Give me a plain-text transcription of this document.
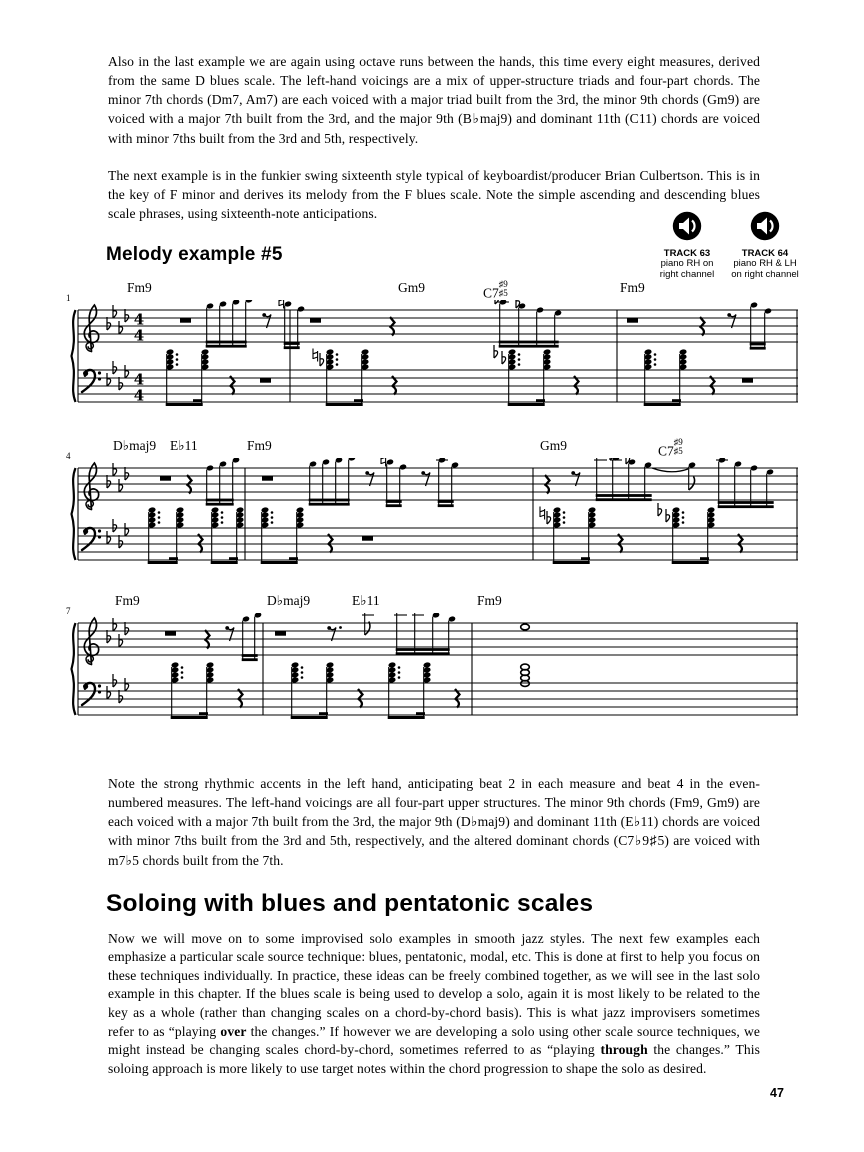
Also in the last example we are again using octave runs between the hands, this time every eight measures, derived from the same D blues scale. The left-hand voicings are a mix of upper-structure triads and four-part chords. The minor 7th chords (Dm7, Am7) are each voiced with a major triad built from the 3rd, the minor 9th chords (Gm9) are voiced with a major 7th built from the 3rd, and the major 9th (B♭maj9) and dominant 11th (C11) chords are voiced with minor 7ths built from the 3rd and 5th, respectively.

The next example is in the funkier swing sixteenth style typical of keyboardist/producer Brian Culbertson. This is in the key of F minor and derives its melody from the F blues scale. Note the simple ascending and descending blues scale phrases, using sixteenth-note anticipations.

Melody example #5	TRACK 63
piano RH on
right channel
TRACK 64
piano RH & LH
on right channel
1
Fm9	Gm9	C7
♯9
♯5	Fm9
4
4
4
4
4
D♭maj9 E♭11	Fm9	Gm9	C7
♯9
♯5
7
Fm9	D♭maj9	E♭11	Fm9

Note the strong rhythmic accents in the left hand, anticipating beat 2 in each measure and beat 4 in the even-numbered measures. The left-hand voicings are all four-part upper structures. The minor 9th chords (Fm9, Gm9) are each voiced with a major 7th built from the 3rd, the major 9th (D♭maj9) and dominant 11th (E♭11) chords are voiced with minor 7ths built from the 3rd and 5th, respectively, and the altered dominant chords (C7♭9♯5) are voiced with m7♭5 chords built from the 7th.

Soloing with blues and pentatonic scales

Now we will move on to some improvised solo examples in smooth jazz styles. The next few examples each emphasize a particular scale source technique: blues, pentatonic, modal, etc. This is done at first to help you focus on these techniques individually. In practice, these ideas can be freely combined together, as we will see in the last solo example in this chapter. If the blues scale is being used to develop a solo, again it is most likely to be related to the key as a whole (rather than changing scales on a chord-by-chord basis). This is what jazz improvisers sometimes refer to as “playing over the changes.” If however we are developing a solo using other scale source techniques, we might instead be changing scales chord-by-chord, sometimes referred to as “playing through the changes.” This soloing approach is more likely to use target notes within the chord progression to shape the solo as desired.

47
